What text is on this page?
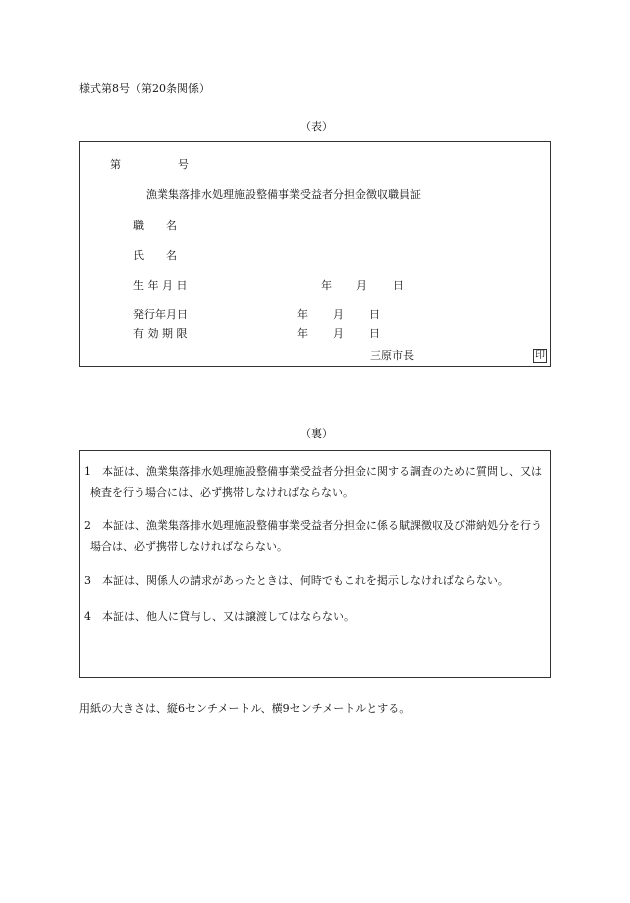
様式第8号（第20条関係）
（表）
第	号
漁業集落排水処理施設整備事業受益者分担金徴収職員証
職　　名
氏　　名
生 年 月 日	年 月 日
発行年月日	年 月 日
有 効 期 限	年 月 日
三原市長	印
（裏）
1　本証は、漁業集落排水処理施設整備事業受益者分担金に関する調査のために質問し、又は検査を行う場合には、必ず携帯しなければならない。
2　本証は、漁業集落排水処理施設整備事業受益者分担金に係る賦課徴収及び滞納処分を行う場合は、必ず携帯しなければならない。
3　本証は、関係人の請求があったときは、何時でもこれを掲示しなければならない。
4　本証は、他人に貸与し、又は譲渡してはならない。
用紙の大きさは、縦6センチメートル、横9センチメートルとする。
